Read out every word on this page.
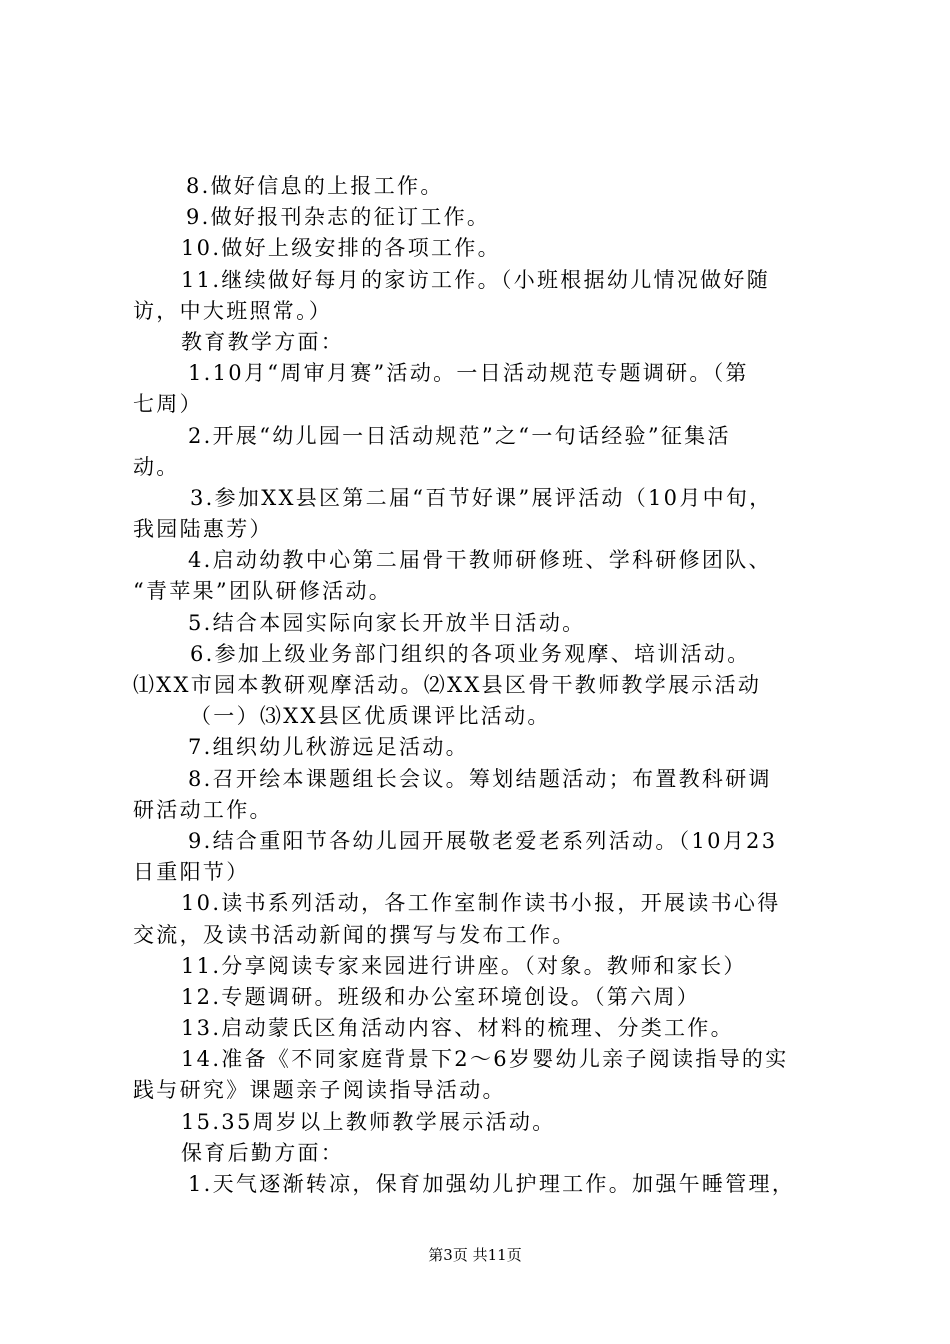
8.做好信息的上报工作。
9.做好报刊杂志的征订工作。
10.做好上级安排的各项工作。
11.继续做好每月的家访工作。（小班根据幼儿情况做好随
访，中大班照常。）
教育教学方面：
1.10月“周审月赛”活动。一日活动规范专题调研。（第
七周）
2.开展“幼儿园一日活动规范”之“一句话经验”征集活
动。
3.参加XX县区第二届“百节好课”展评活动（10月中旬，
我园陆惠芳）
4.启动幼教中心第二届骨干教师研修班、学科研修团队、
“青苹果”团队研修活动。
5.结合本园实际向家长开放半日活动。
6.参加上级业务部门组织的各项业务观摩、培训活动。
⑴XX市园本教研观摩活动。⑵XX县区骨干教师教学展示活动
（一）⑶XX县区优质课评比活动。
7.组织幼儿秋游远足活动。
8.召开绘本课题组长会议。筹划结题活动；布置教科研调
研活动工作。
9.结合重阳节各幼儿园开展敬老爱老系列活动。（10月23
日重阳节）
10.读书系列活动，各工作室制作读书小报，开展读书心得
交流，及读书活动新闻的撰写与发布工作。
11.分享阅读专家来园进行讲座。（对象。教师和家长）
12.专题调研。班级和办公室环境创设。（第六周）
13.启动蒙氏区角活动内容、材料的梳理、分类工作。
14.准备《不同家庭背景下2～6岁婴幼儿亲子阅读指导的实
践与研究》课题亲子阅读指导活动。
15.35周岁以上教师教学展示活动。
保育后勤方面：
1.天气逐渐转凉，保育加强幼儿护理工作。加强午睡管理，
第3页 共11页
